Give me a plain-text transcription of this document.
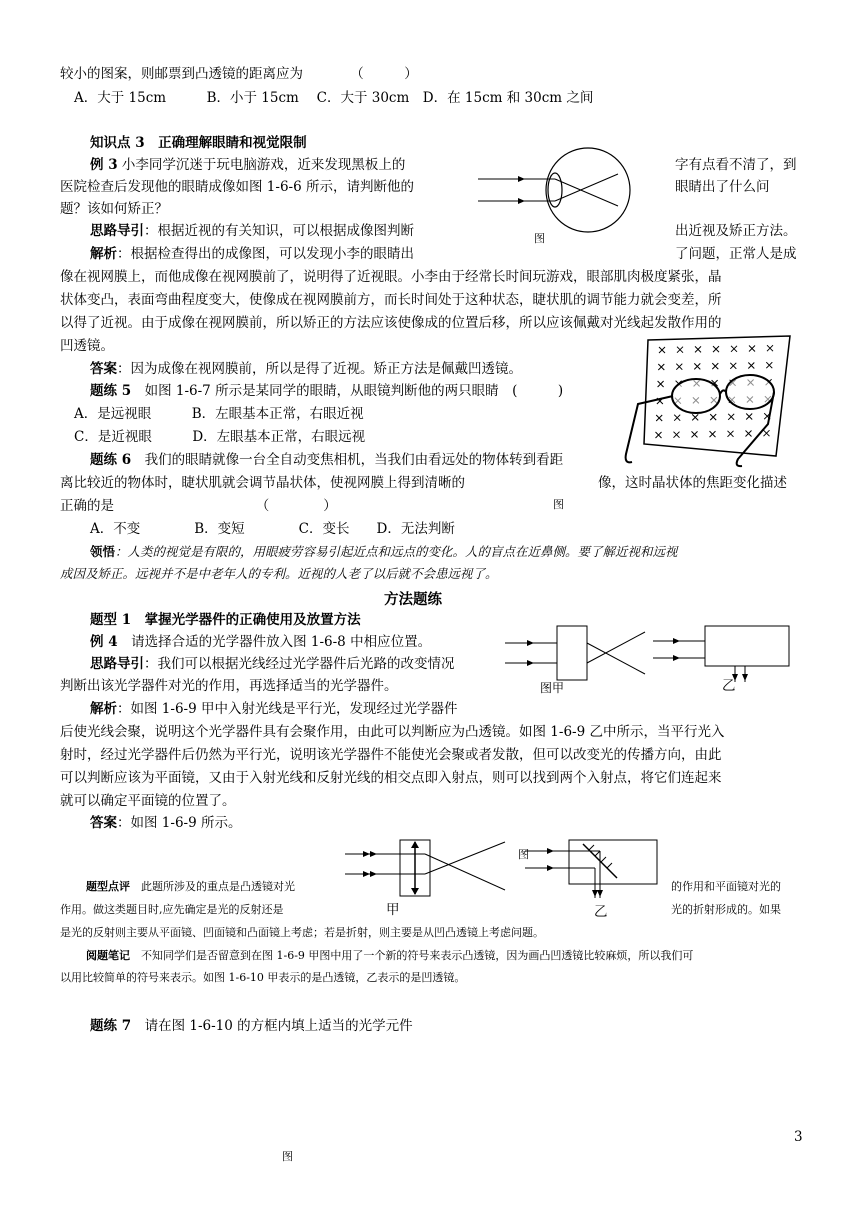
较小的图案，则邮票到凸透镜的距离应为　　　　（　　　）
A．大于 15cm　　　B．小于 15cm　 C．大于 30cm　D．在 15cm 和 30cm 之间
知识点 3　正确理解眼睛和视觉限制
例 3 小李同学沉迷于玩电脑游戏，近来发现黑板上的	字有点看不清了，到
医院检查后发现他的眼睛成像如图 1-6-6 所示，请判断他的	眼睛出了什么问
题？该如何矫正？
思路导引：根据近视的有关知识，可以根据成像图判断	出近视及矫正方法。
图
解析：根据检查得出的成像图，可以发现小李的眼睛出	了问题，正常人是成
像在视网膜上，而他成像在视网膜前了，说明得了近视眼。小李由于经常长时间玩游戏，眼部肌肉极度紧张，晶
状体变凸，表面弯曲程度变大，使像成在视网膜前方，而长时间处于这种状态，睫状肌的调节能力就会变差，所
以得了近视。由于成像在视网膜前，所以矫正的方法应该使像成的位置后移，所以应该佩戴对光线起发散作用的
凹透镜。
答案：因为成像在视网膜前，所以是得了近视。矫正方法是佩戴凹透镜。
题练 5　如图 1-6-7 所示是某同学的眼睛，从眼镜判断他的两只眼睛　(　　　)
A．是远视眼　　　B．左眼基本正常，右眼近视
C．是近视眼　　　D．左眼基本正常，右眼远视
题练 6　我们的眼睛就像一台全自动变焦相机，当我们由看远处的物体转到看距
离比较近的物体时，睫状肌就会调节晶状体，使视网膜上得到清晰的	像，这时晶状体的焦距变化描述
正确的是　　　　　　　　　　　（　　　　）	图
A．不变　　　　B．变短　　　　C．变长　　D．无法判断
领悟：人类的视觉是有限的，用眼疲劳容易引起近点和远点的变化。人的盲点在近鼻侧。要了解近视和远视
成因及矫正。远视并不是中老年人的专利。近视的人老了以后就不会患远视了。
方法题练
题型 1　掌握光学器件的正确使用及放置方法
例 4　请选择合适的光学器件放入图 1-6-8 中相应位置。
思路导引：我们可以根据光线经过光学器件后光路的改变情况
判断出该光学器件对光的作用，再选择适当的光学器件。
解析：如图 1-6-9 甲中入射光线是平行光，发现经过光学器件
后使光线会聚，说明这个光学器件具有会聚作用，由此可以判断应为凸透镜。如图 1-6-9 乙中所示，当平行光入
射时，经过光学器件后仍然为平行光，说明该光学器件不能使光会聚或者发散，但可以改变光的传播方向，由此
可以判断应该为平面镜，又由于入射光线和反射光线的相交点即入射点，则可以找到两个入射点，将它们连起来
就可以确定平面镜的位置了。
答案：如图 1-6-9 所示。
图甲	乙
图
甲	乙
题型点评　此题所涉及的重点是凸透镜对光	的作用和平面镜对光的
作用。做这类题目时,应先确定是光的反射还是	光的折射形成的。如果
是光的反射则主要从平面镜、凹面镜和凸面镜上考虑；若是折射，则主要是从凹凸透镜上考虑问题。
阅题笔记　不知同学们是否留意到在图 1-6-9 甲图中用了一个新的符号来表示凸透镜，因为画凸凹透镜比较麻烦，所以我们可
以用比较简单的符号来表示。如图 1-6-10 甲表示的是凸透镜，乙表示的是凹透镜。
题练 7　请在图 1-6-10 的方框内填上适当的光学元件
3
图
